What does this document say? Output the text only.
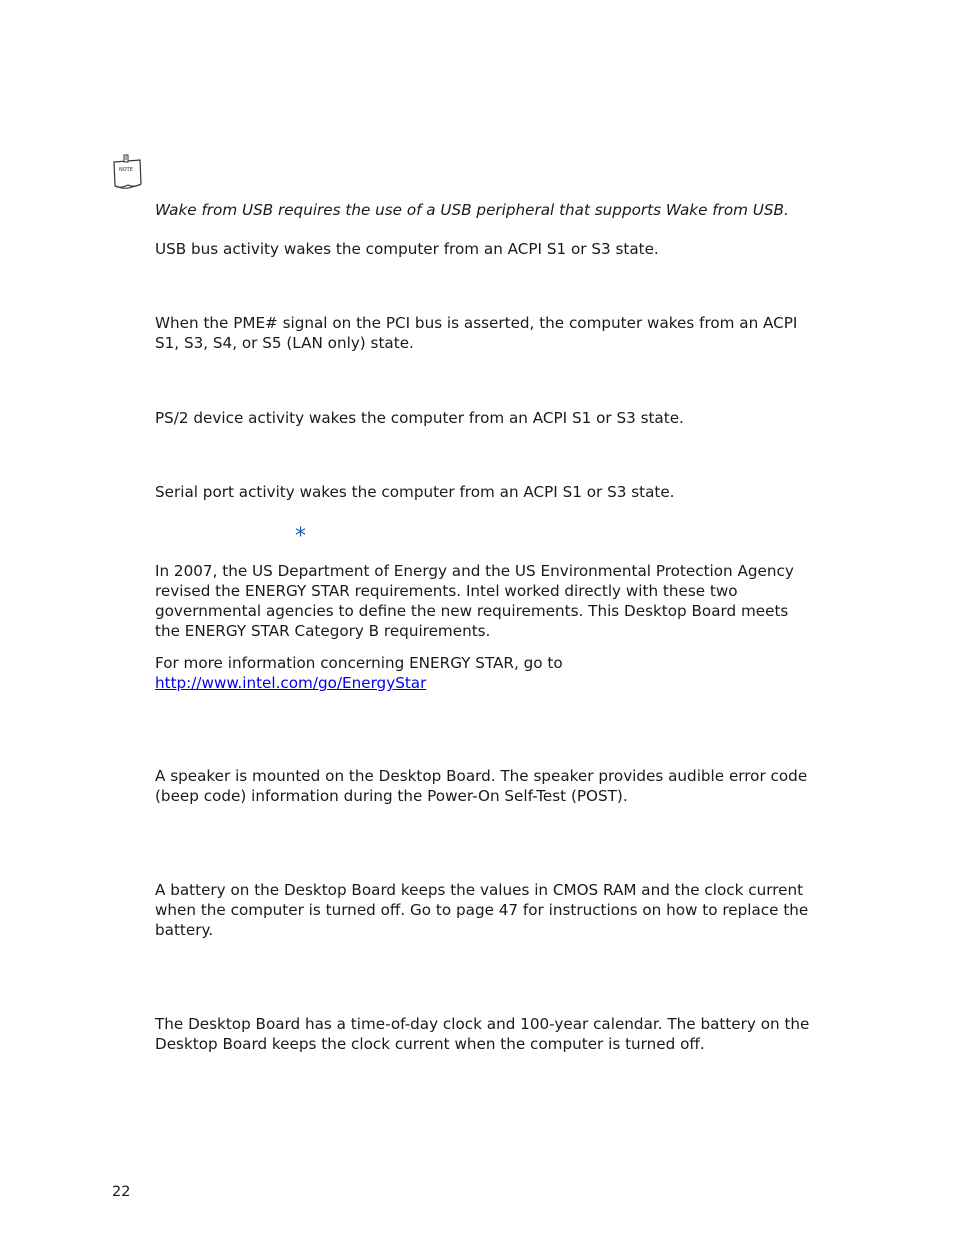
NOTE

Wake from USB requires the use of a USB peripheral that supports Wake from USB.

USB bus activity wakes the computer from an ACPI S1 or S3 state.

When the PME# signal on the PCI bus is asserted, the computer wakes from an ACPI
S1, S3, S4, or S5 (LAN only) state.

PS/2 device activity wakes the computer from an ACPI S1 or S3 state.

Serial port activity wakes the computer from an ACPI S1 or S3 state.

*
In 2007, the US Department of Energy and the US Environmental Protection Agency
revised the ENERGY STAR requirements. Intel worked directly with these two
governmental agencies to define the new requirements. This Desktop Board meets
the ENERGY STAR Category B requirements.
For more information concerning ENERGY STAR, go to
http://www.intel.com/go/EnergyStar
A speaker is mounted on the Desktop Board. The speaker provides audible error code
(beep code) information during the Power-On Self-Test (POST).
A battery on the Desktop Board keeps the values in CMOS RAM and the clock current
when the computer is turned off. Go to page 47 for instructions on how to replace the
battery.
The Desktop Board has a time-of-day clock and 100-year calendar. The battery on the
Desktop Board keeps the clock current when the computer is turned off.
22
